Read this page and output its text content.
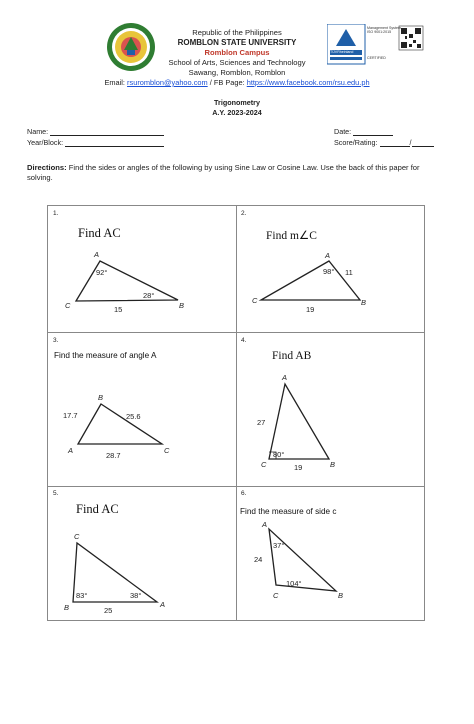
Republic of the Philippines
ROMBLON STATE UNIVERSITY
Romblon Campus
School of Arts, Sciences and Technology
Sawang, Romblon, Romblon
Email: rsuromblon@yahoo.com / FB Page: https://www.facebook.com/rsu.edu.ph
Management System
ISO 9001:2015
TÜVRheinland
CERTIFIED
Trigonometry
A.Y. 2023-2024
Name:
Year/Block:
Date:
Score/Rating:	/
Directions: Find the sides or angles of the following by using Sine Law or Cosine Law. Use the back of this paper for solving.
1.
Find AC
A
C	B
92°
28°
15
2.
Find m∠C
A
C	B
98° 11
19
3.
Find the measure of angle A
B
A	C
17.7	25.6
28.7
4.
Find AB
A
C	B
27
80°
19
5.
Find AC
C
B	A
83°	38°
25
6.
Find the measure of side c
A
C	B
37°
24
104°
